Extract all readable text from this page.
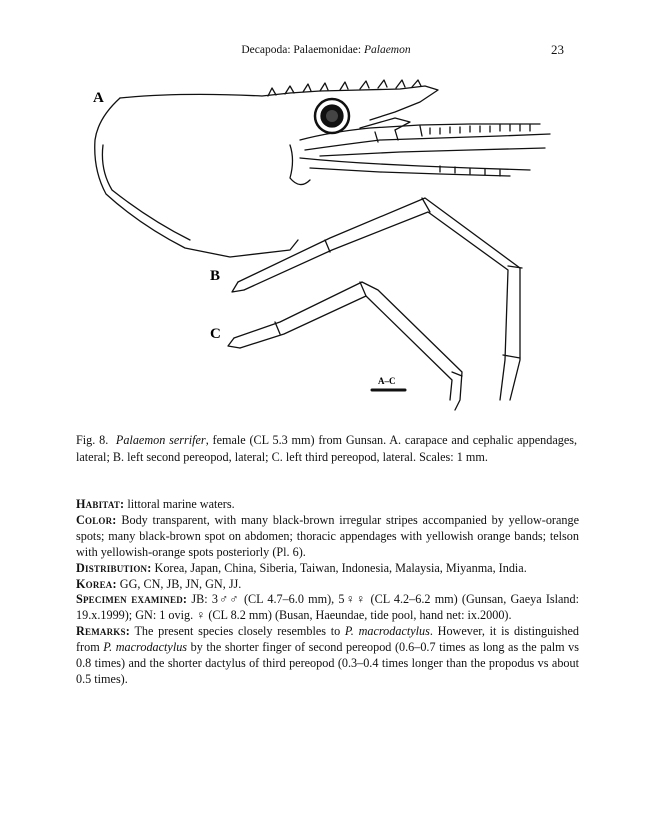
Decapoda: Palaemonidae: Palaemon	23
A
B
C
A–C
Fig. 8. Palaemon serrifer, female (CL 5.3 mm) from Gunsan. A. carapace and cephalic appendages, lateral; B. left second pereopod, lateral; C. left third pereopod, lateral. Scales: 1 mm.

Habitat: littoral marine waters.

Color: Body transparent, with many black-brown irregular stripes accompanied by yellow-orange spots; many black-brown spot on abdomen; thoracic appendages with yellowish orange bands; telson with yellowish-orange spots posteriorly (Pl. 6).

Distribution: Korea, Japan, China, Siberia, Taiwan, Indonesia, Malaysia, Miyanma, India.

Korea: GG, CN, JB, JN, GN, JJ.

Specimen examined: JB: 3♂♂ (CL 4.7–6.0 mm), 5♀♀ (CL 4.2–6.2 mm) (Gunsan, Gaeya Island: 19.x.1999); GN: 1 ovig. ♀ (CL 8.2 mm) (Busan, Haeundae, tide pool, hand net: ix.2000).

Remarks: The present species closely resembles to P. macrodactylus. However, it is distinguished from P. macrodactylus by the shorter finger of second pereopod (0.6–0.7 times as long as the palm vs 0.8 times) and the shorter dactylus of third pereopod (0.3–0.4 times longer than the propodus vs about 0.5 times).
